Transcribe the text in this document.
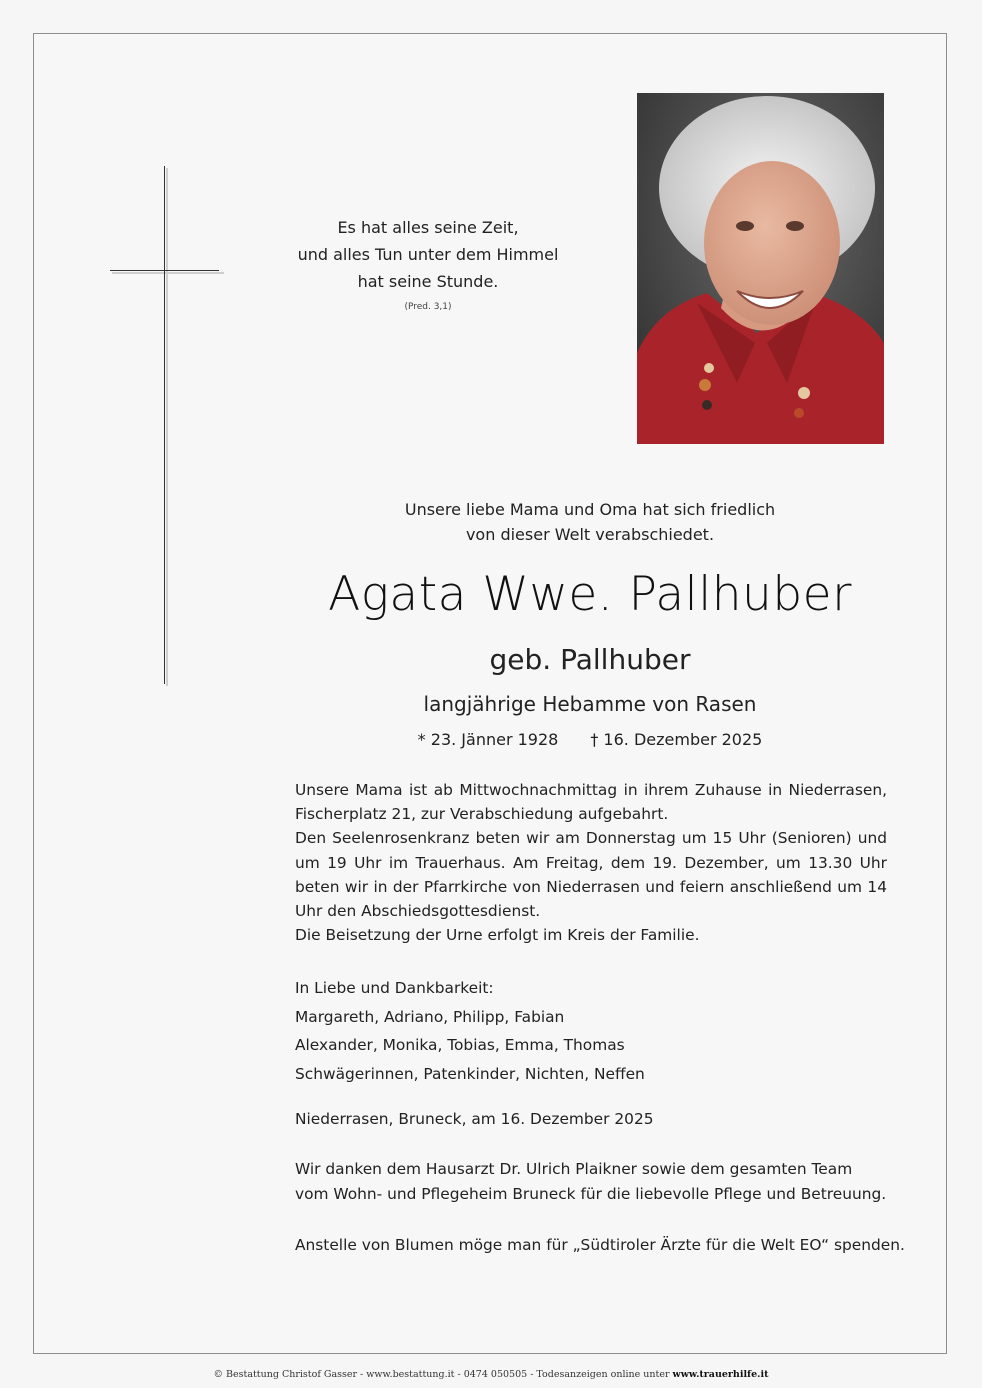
Es hat alles seine Zeit,
und alles Tun unter dem Himmel
hat seine Stunde.
(Pred. 3,1)
Unsere liebe Mama und Oma hat sich friedlich
von dieser Welt verabschiedet.
Agata Wwe. Pallhuber
geb. Pallhuber
langjährige Hebamme von Rasen
* 23. Jänner 1928 † 16. Dezember 2025

Unsere Mama ist ab Mittwochnachmittag in ihrem Zuhause in Niederrasen, Fischerplatz 21, zur Verabschiedung aufgebahrt.

Den Seelenrosenkranz beten wir am Donnerstag um 15 Uhr (Senioren) und um 19 Uhr im Trauerhaus. Am Freitag, dem 19. Dezember, um 13.30 Uhr beten wir in der Pfarrkirche von Niederrasen und feiern anschließend um 14 Uhr den Abschiedsgottesdienst.

Die Beisetzung der Urne erfolgt im Kreis der Familie.

In Liebe und Dankbarkeit:

Margareth, Adriano, Philipp, Fabian

Alexander, Monika, Tobias, Emma, Thomas

Schwägerinnen, Patenkinder, Nichten, Neffen

Niederrasen, Bruneck, am 16. Dezember 2025
Wir danken dem Hausarzt Dr. Ulrich Plaikner sowie dem gesamten Team vom Wohn- und Pflegeheim Bruneck für die liebevolle Pflege und Betreuung.
Anstelle von Blumen möge man für „Südtiroler Ärzte für die Welt EO“ spenden.
© Bestattung Christof Gasser - www.bestattung.it - 0474 050505 - Todesanzeigen online unter www.trauerhilfe.it
